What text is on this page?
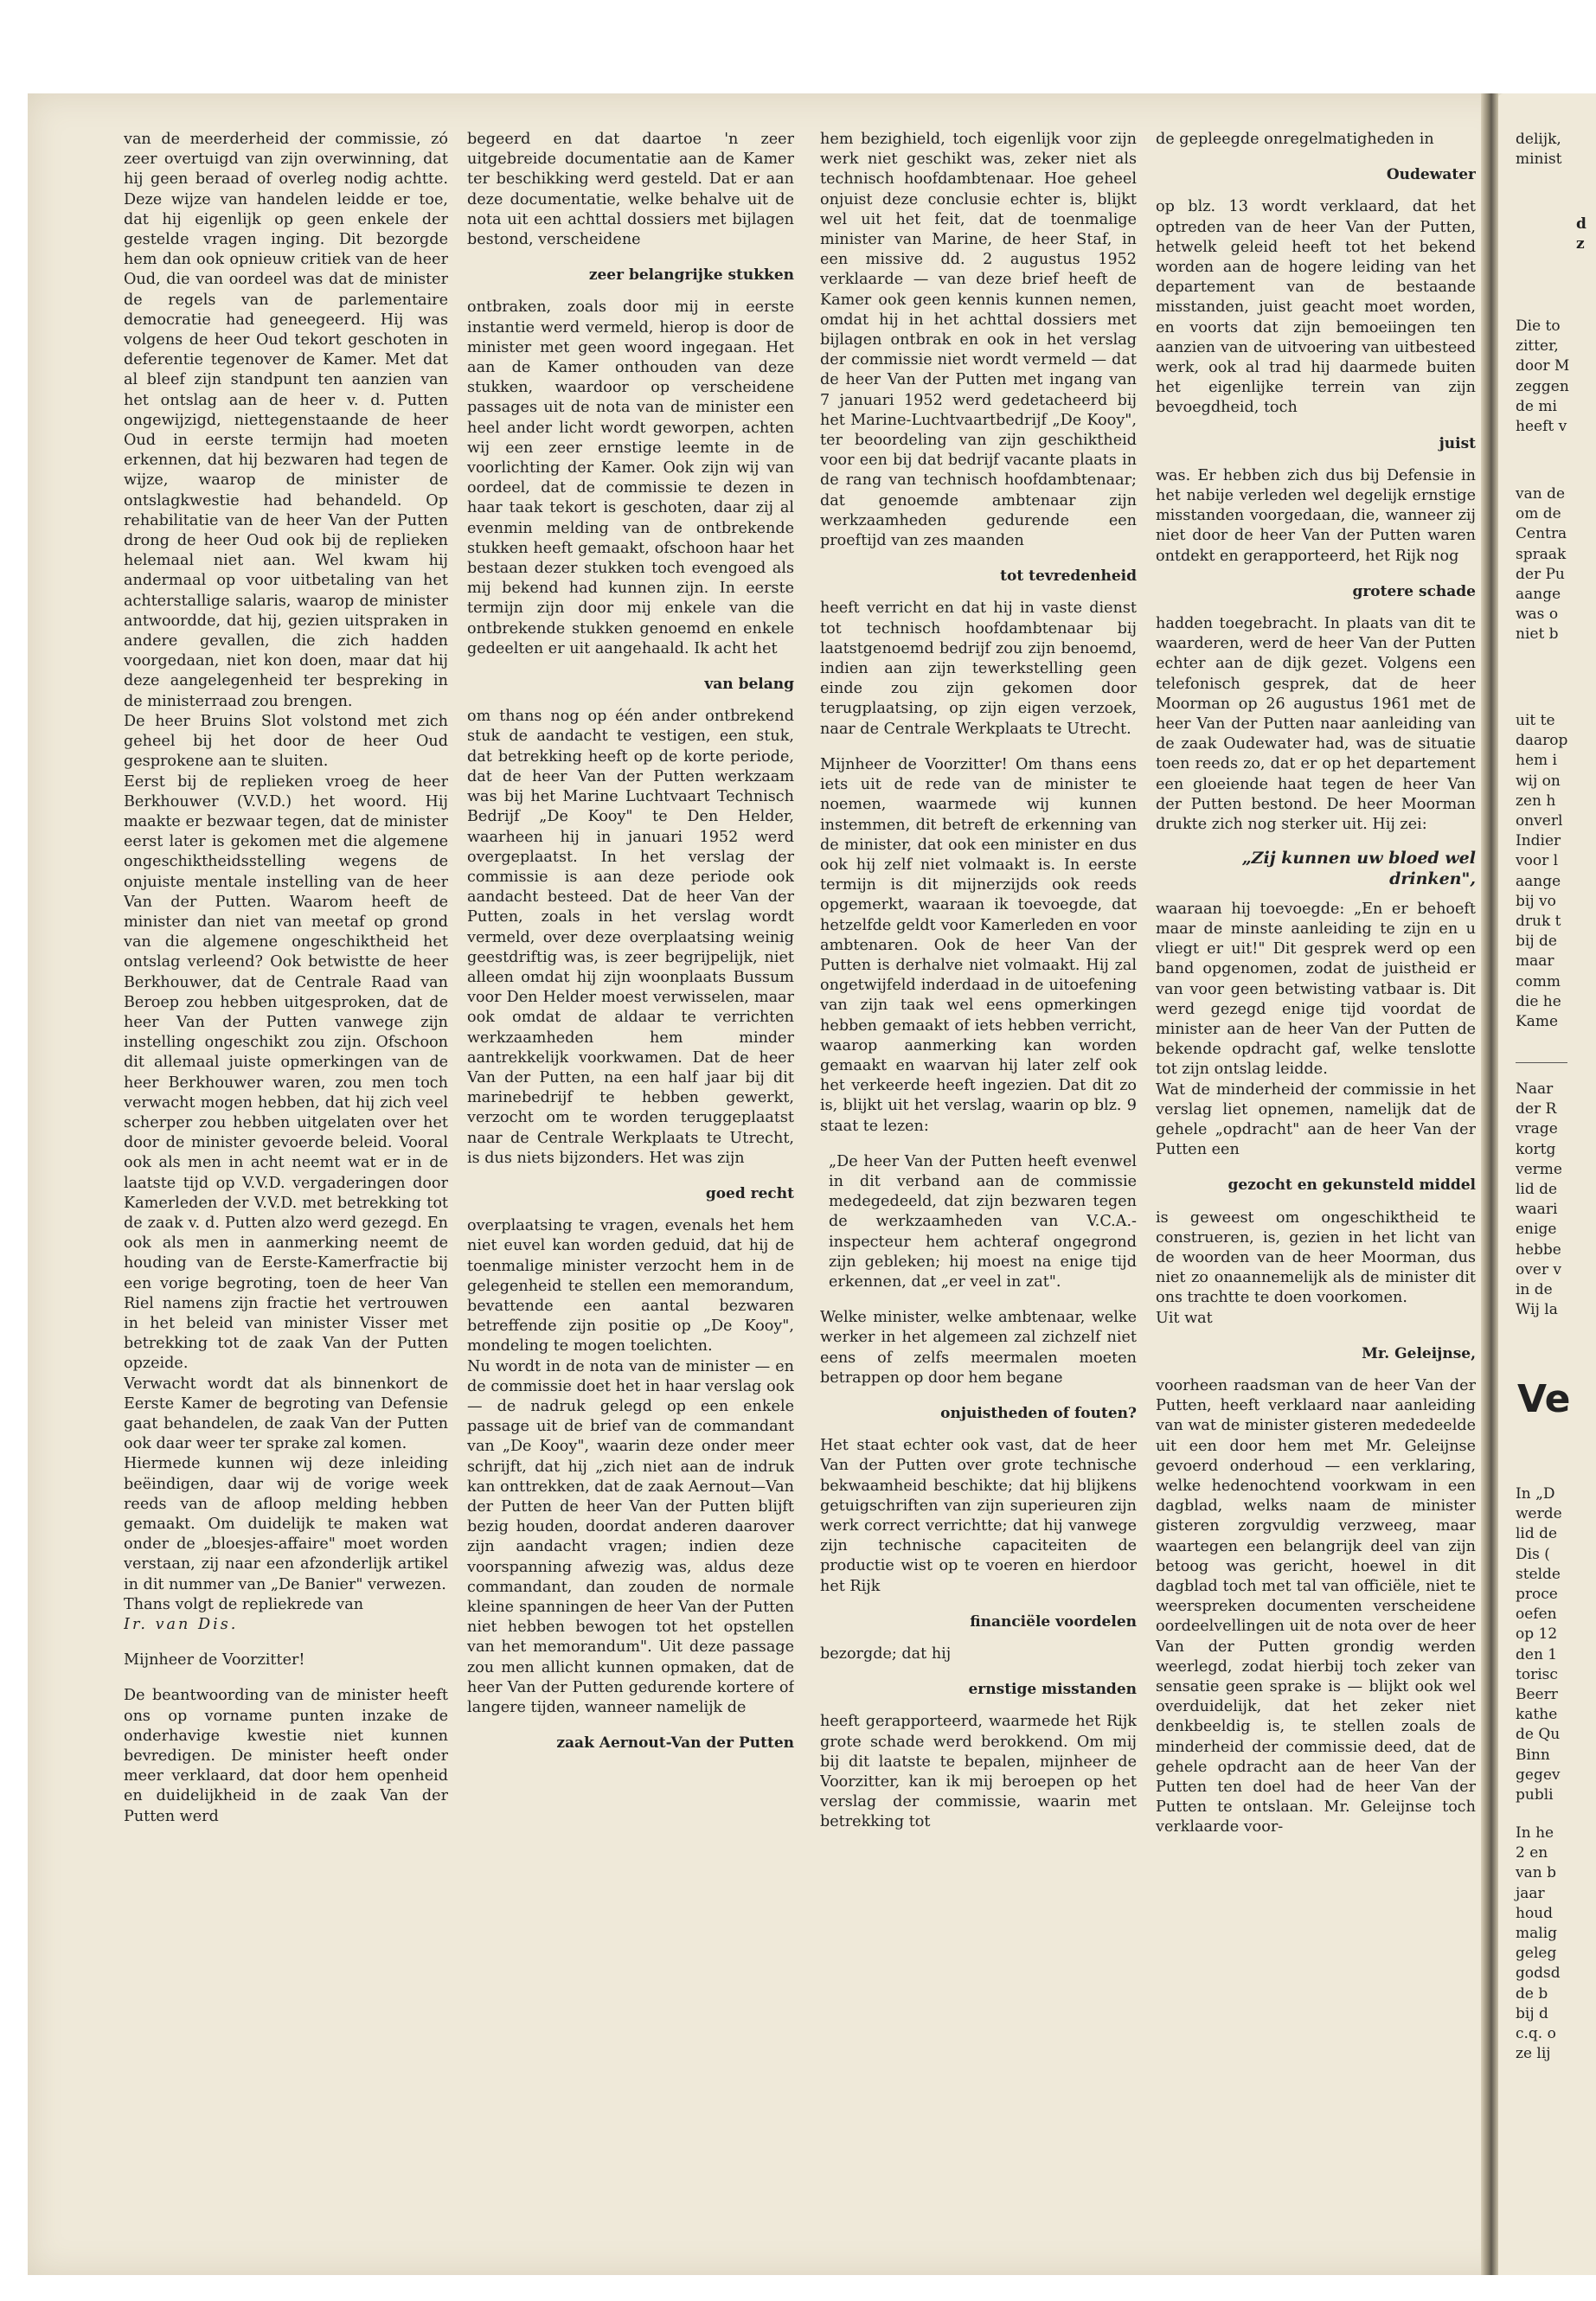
van de meerderheid der commissie, zó zeer overtuigd van zijn overwinning, dat hij geen beraad of overleg nodig achtte. Deze wijze van handelen leidde er toe, dat hij eigenlijk op geen enkele der gestelde vragen inging. Dit bezorgde hem dan ook opnieuw critiek van de heer Oud, die van oordeel was dat de minister de regels van de parlementaire democratie had geneegeerd. Hij was volgens de heer Oud tekort geschoten in deferentie tegenover de Kamer. Met dat al bleef zijn standpunt ten aanzien van het ontslag aan de heer v. d. Putten ongewijzigd, niettegenstaande de heer Oud in eerste termijn had moeten erkennen, dat hij bezwaren had tegen de wijze, waarop de minister de ontslagkwestie had behandeld. Op rehabilitatie van de heer Van der Putten drong de heer Oud ook bij de replieken helemaal niet aan. Wel kwam hij andermaal op voor uitbetaling van het achterstallige salaris, waarop de minister antwoordde, dat hij, gezien uitspraken in andere gevallen, die zich hadden voorgedaan, niet kon doen, maar dat hij deze aangelegenheid ter bespreking in de ministerraad zou brengen.

De heer Bruins Slot volstond met zich geheel bij het door de heer Oud gesprokene aan te sluiten.

Eerst bij de replieken vroeg de heer Berkhouwer (V.V.D.) het woord. Hij maakte er bezwaar tegen, dat de minister eerst later is gekomen met die algemene ongeschiktheidsstelling wegens de onjuiste mentale instelling van de heer Van der Putten. Waarom heeft de minister dan niet van meetaf op grond van die algemene ongeschiktheid het ontslag verleend? Ook betwistte de heer Berkhouwer, dat de Centrale Raad van Beroep zou hebben uitgesproken, dat de heer Van der Putten vanwege zijn instelling ongeschikt zou zijn. Ofschoon dit allemaal juiste opmerkingen van de heer Berkhouwer waren, zou men toch verwacht mogen hebben, dat hij zich veel scherper zou hebben uitgelaten over het door de minister gevoerde beleid. Vooral ook als men in acht neemt wat er in de laatste tijd op V.V.D. vergaderingen door Kamerleden der V.V.D. met betrekking tot de zaak v. d. Putten alzo werd gezegd. En ook als men in aanmerking neemt de houding van de Eerste-Kamerfractie bij een vorige begroting, toen de heer Van Riel namens zijn fractie het vertrouwen in het beleid van minister Visser met betrekking tot de zaak Van der Putten opzeide.

Verwacht wordt dat als binnenkort de Eerste Kamer de begroting van Defensie gaat behandelen, de zaak Van der Putten ook daar weer ter sprake zal komen.

Hiermede kunnen wij deze inleiding beëindigen, daar wij de vorige week reeds van de afloop melding hebben gemaakt. Om duidelijk te maken wat onder de „bloesjes-affaire" moet worden verstaan, zij naar een afzonderlijk artikel in dit nummer van „De Banier" verwezen.

Thans volgt de repliekrede van

Ir. van Dis.

Mijnheer de Voorzitter!

De beantwoording van de minister heeft ons op vorname punten inzake de onderhavige kwestie niet kunnen bevredigen. De minister heeft onder meer verklaard, dat door hem openheid en duidelijkheid in de zaak Van der Putten werd

begeerd en dat daartoe 'n zeer uitgebreide documentatie aan de Kamer ter beschikking werd gesteld. Dat er aan deze documentatie, welke behalve uit de nota uit een achttal dossiers met bijlagen bestond, verscheidene

zeer belangrijke stukken

ontbraken, zoals door mij in eerste instantie werd vermeld, hierop is door de minister met geen woord ingegaan. Het aan de Kamer onthouden van deze stukken, waardoor op verscheidene passages uit de nota van de minister een heel ander licht wordt geworpen, achten wij een zeer ernstige leemte in de voorlichting der Kamer. Ook zijn wij van oordeel, dat de commissie te dezen in haar taak tekort is geschoten, daar zij al evenmin melding van de ontbrekende stukken heeft gemaakt, ofschoon haar het bestaan dezer stukken toch evengoed als mij bekend had kunnen zijn. In eerste termijn zijn door mij enkele van die ontbrekende stukken genoemd en enkele gedeelten er uit aangehaald. Ik acht het

van belang

om thans nog op één ander ontbrekend stuk de aandacht te vestigen, een stuk, dat betrekking heeft op de korte periode, dat de heer Van der Putten werkzaam was bij het Marine Luchtvaart Technisch Bedrijf „De Kooy" te Den Helder, waarheen hij in januari 1952 werd overgeplaatst. In het verslag der commissie is aan deze periode ook aandacht besteed. Dat de heer Van der Putten, zoals in het verslag wordt vermeld, over deze overplaatsing weinig geestdriftig was, is zeer begrijpelijk, niet alleen omdat hij zijn woonplaats Bussum voor Den Helder moest verwisselen, maar ook omdat de aldaar te verrichten werkzaamheden hem minder aantrekkelijk voorkwamen. Dat de heer Van der Putten, na een half jaar bij dit marinebedrijf te hebben gewerkt, verzocht om te worden teruggeplaatst naar de Centrale Werkplaats te Utrecht, is dus niets bijzonders. Het was zijn

goed recht

overplaatsing te vragen, evenals het hem niet euvel kan worden geduid, dat hij de toenmalige minister verzocht hem in de gelegenheid te stellen een memorandum, bevattende een aantal bezwaren betreffende zijn positie op „De Kooy", mondeling te mogen toelichten.

Nu wordt in de nota van de minister — en de commissie doet het in haar verslag ook — de nadruk gelegd op een enkele passage uit de brief van de commandant van „De Kooy", waarin deze onder meer schrijft, dat hij „zich niet aan de indruk kan onttrekken, dat de zaak Aernout—Van der Putten de heer Van der Putten blijft bezig houden, doordat anderen daarover zijn aandacht vragen; indien deze voorspanning afwezig was, aldus deze commandant, dan zouden de normale kleine spanningen de heer Van der Putten niet hebben bewogen tot het opstellen van het memorandum". Uit deze passage zou men allicht kunnen opmaken, dat de heer Van der Putten gedurende kortere of langere tijden, wanneer namelijk de

zaak Aernout-Van der Putten

hem bezighield, toch eigenlijk voor zijn werk niet geschikt was, zeker niet als technisch hoofdambtenaar. Hoe geheel onjuist deze conclusie echter is, blijkt wel uit het feit, dat de toenmalige minister van Marine, de heer Staf, in een missive dd. 2 augustus 1952 verklaarde — van deze brief heeft de Kamer ook geen kennis kunnen nemen, omdat hij in het achttal dossiers met bijlagen ontbrak en ook in het verslag der commissie niet wordt vermeld — dat de heer Van der Putten met ingang van 7 januari 1952 werd gedetacheerd bij het Marine-Luchtvaartbedrijf „De Kooy", ter beoordeling van zijn geschiktheid voor een bij dat bedrijf vacante plaats in de rang van technisch hoofdambtenaar; dat genoemde ambtenaar zijn werkzaamheden gedurende een proeftijd van zes maanden

tot tevredenheid

heeft verricht en dat hij in vaste dienst tot technisch hoofdambtenaar bij laatstgenoemd bedrijf zou zijn benoemd, indien aan zijn tewerkstelling geen einde zou zijn gekomen door terugplaatsing, op zijn eigen verzoek, naar de Centrale Werkplaats te Utrecht.

Mijnheer de Voorzitter! Om thans eens iets uit de rede van de minister te noemen, waarmede wij kunnen instemmen, dit betreft de erkenning van de minister, dat ook een minister en dus ook hij zelf niet volmaakt is. In eerste termijn is dit mijnerzijds ook reeds opgemerkt, waaraan ik toevoegde, dat hetzelfde geldt voor Kamerleden en voor ambtenaren. Ook de heer Van der Putten is derhalve niet volmaakt. Hij zal ongetwijfeld inderdaad in de uitoefening van zijn taak wel eens opmerkingen hebben gemaakt of iets hebben verricht, waarop aanmerking kan worden gemaakt en waarvan hij later zelf ook het verkeerde heeft ingezien. Dat dit zo is, blijkt uit het verslag, waarin op blz. 9 staat te lezen:

„De heer Van der Putten heeft evenwel in dit verband aan de commissie medegedeeld, dat zijn bezwaren tegen de werkzaamheden van V.C.A.-inspecteur hem achteraf ongegrond zijn gebleken; hij moest na enige tijd erkennen, dat „er veel in zat".

Welke minister, welke ambtenaar, welke werker in het algemeen zal zichzelf niet eens of zelfs meermalen moeten betrappen op door hem begane

onjuistheden of fouten?

Het staat echter ook vast, dat de heer Van der Putten over grote technische bekwaamheid beschikte; dat hij blijkens getuigschriften van zijn superieuren zijn werk correct verrichtte; dat hij vanwege zijn technische capaciteiten de productie wist op te voeren en hierdoor het Rijk

financiële voordelen

bezorgde; dat hij

ernstige misstanden

heeft gerapporteerd, waarmede het Rijk grote schade werd berokkend. Om mij bij dit laatste te bepalen, mijnheer de Voorzitter, kan ik mij beroepen op het verslag der commissie, waarin met betrekking tot

de gepleegde onregelmatigheden in

Oudewater

op blz. 13 wordt verklaard, dat het optreden van de heer Van der Putten, hetwelk geleid heeft tot het bekend worden aan de hogere leiding van het departement van de bestaande misstanden, juist geacht moet worden, en voorts dat zijn bemoeiingen ten aanzien van de uitvoering van uitbesteed werk, ook al trad hij daarmede buiten het eigenlijke terrein van zijn bevoegdheid, toch

juist

was. Er hebben zich dus bij Defensie in het nabije verleden wel degelijk ernstige misstanden voorgedaan, die, wanneer zij niet door de heer Van der Putten waren ontdekt en gerapporteerd, het Rijk nog

grotere schade

hadden toegebracht. In plaats van dit te waarderen, werd de heer Van der Putten echter aan de dijk gezet. Volgens een telefonisch gesprek, dat de heer Moorman op 26 augustus 1961 met de heer Van der Putten naar aanleiding van de zaak Oudewater had, was de situatie toen reeds zo, dat er op het departement een gloeiende haat tegen de heer Van der Putten bestond. De heer Moorman drukte zich nog sterker uit. Hij zei:

„Zij kunnen uw bloed wel drinken",

waaraan hij toevoegde: „En er behoeft maar de minste aanleiding te zijn en u vliegt er uit!" Dit gesprek werd op een band opgenomen, zodat de juistheid er van voor geen betwisting vatbaar is. Dit werd gezegd enige tijd voordat de minister aan de heer Van der Putten de bekende opdracht gaf, welke tenslotte tot zijn ontslag leidde.

Wat de minderheid der commissie in het verslag liet opnemen, namelijk dat de gehele „opdracht" aan de heer Van der Putten een

gezocht en gekunsteld middel

is geweest om ongeschiktheid te construeren, is, gezien in het licht van de woorden van de heer Moorman, dus niet zo onaannemelijk als de minister dit ons trachtte te doen voorkomen.

Uit wat

Mr. Geleijnse,

voorheen raadsman van de heer Van der Putten, heeft verklaard naar aanleiding van wat de minister gisteren mededeelde uit een door hem met Mr. Geleijnse gevoerd onderhoud — een verklaring, welke hedenochtend voorkwam in een dagblad, welks naam de minister gisteren zorgvuldig verzweeg, maar waartegen een belangrijk deel van zijn betoog was gericht, hoewel in dit dagblad toch met tal van officiële, niet te weerspreken documenten verscheidene oordeelvellingen uit de nota over de heer Van der Putten grondig werden weerlegd, zodat hierbij toch zeker van sensatie geen sprake is — blijkt ook wel overduidelijk, dat het zeker niet denkbeeldig is, te stellen zoals de minderheid der commissie deed, dat de gehele opdracht aan de heer Van der Putten ten doel had de heer Van der Putten te ontslaan. Mr. Geleijnse toch verklaarde voor-

delijk,
minist
d
z
Die to
zitter,
door M
zeggen
de mi
heeft v
van de
om de
Centra
spraak
der Pu
aange
was o
niet b
uit te
daarop
hem i
wij on
zen h
onverl
Indier
voor l
aange
bij vo
druk t
bij de
maar
comm
die he
Kame
Naar
der R
vrage
kortg
verme
lid de
waari
enige
hebbe
over v
in de
Wij la
Ve
In „D
werde
lid de
Dis (
stelde
proce
oefen
op 12
den 1
torisc
Beerr
kathe
de Qu
Binn
gegev
publi
In he
2 en
van b
jaar
houd
malig
geleg
godsd
de b
bij d
c.q. o
ze lij
